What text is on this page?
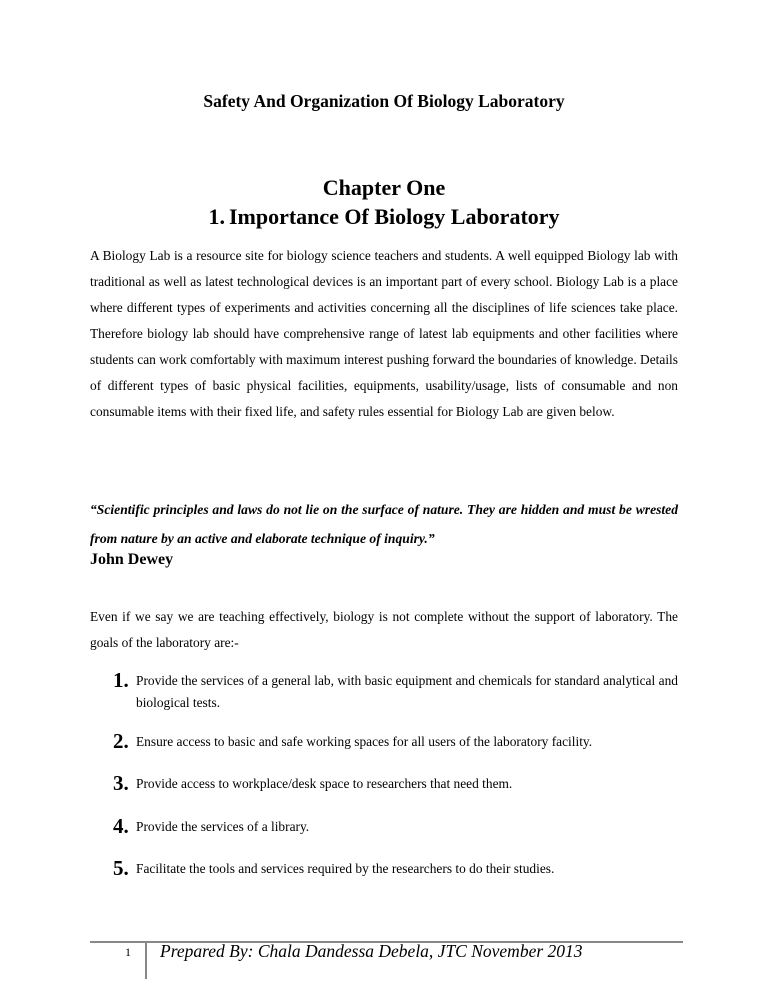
Safety And Organization Of Biology Laboratory
Chapter One
1. Importance Of Biology Laboratory
A Biology Lab is a resource site for biology science teachers and students. A well equipped Biology lab with traditional as well as latest technological devices is an important part of every school. Biology Lab is a place where different types of experiments and activities concerning all the disciplines of life sciences take place. Therefore biology lab should have comprehensive range of latest lab equipments and other facilities where students can work comfortably with maximum interest pushing forward the boundaries of knowledge. Details of different types of basic physical facilities, equipments, usability/usage, lists of consumable and non consumable items with their fixed life, and safety rules essential for Biology Lab are given below.
“Scientific principles and laws do not lie on the surface of nature. They are hidden and must be wrested from nature by an active and elaborate technique of inquiry.”
John Dewey
Even if we say we are teaching effectively, biology is not complete without the support of laboratory. The goals of the laboratory are:-
1. Provide the services of a general lab, with basic equipment and chemicals for standard analytical and biological tests.
2. Ensure access to basic and safe working spaces for all users of the laboratory facility.
3. Provide access to workplace/desk space to researchers that need them.
4. Provide the services of a library.
5. Facilitate the tools and services required by the researchers to do their studies.
1 Prepared By: Chala Dandessa Debela, JTC November 2013
